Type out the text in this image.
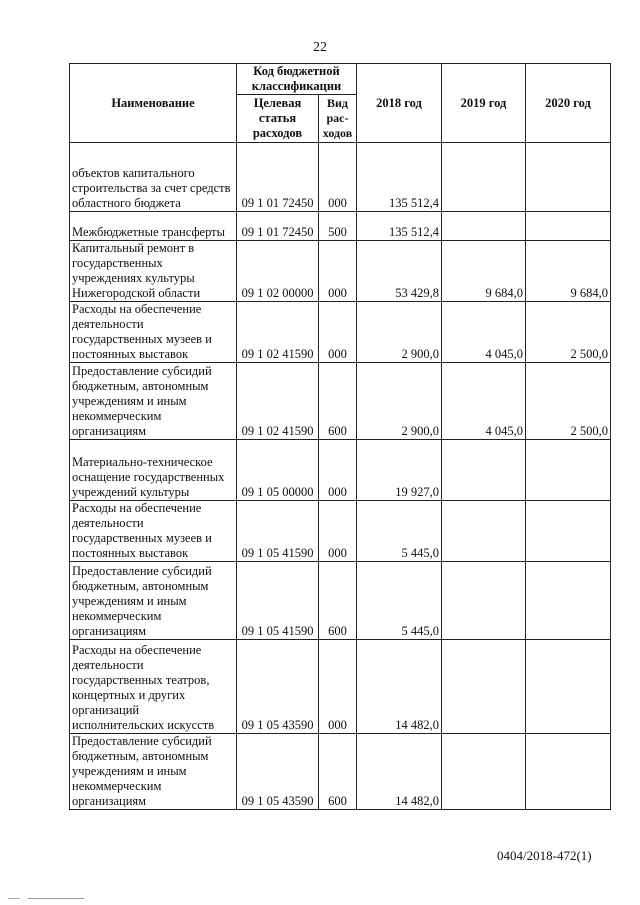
22
Наименование	Код бюджетной классификации		2018 год	2019 год	2020 год
	Целевая статья расходов	Вид рас-ходов			
объектов капитального строительства за счет средств областного бюджета	09 1 01 72450	000	135 512,4		
Межбюджетные трансферты	09 1 01 72450	500	135 512,4		
Капитальный ремонт в государственных учреждениях культуры Нижегородской области	09 1 02 00000	000	53 429,8	9 684,0	9 684,0
Расходы на обеспечение деятельности государственных музеев и постоянных выставок	09 1 02 41590	000	2 900,0	4 045,0	2 500,0
Предоставление субсидий бюджетным, автономным учреждениям и иным некоммерческим организациям	09 1 02 41590	600	2 900,0	4 045,0	2 500,0
Материально-техническое оснащение государственных учреждений культуры	09 1 05 00000	000	19 927,0		
Расходы на обеспечение деятельности государственных музеев и постоянных выставок	09 1 05 41590	000	5 445,0		
Предоставление субсидий бюджетным, автономным учреждениям и иным некоммерческим организациям	09 1 05 41590	600	5 445,0		
Расходы на обеспечение деятельности государственных театров, концертных и других организаций исполнительских искусств	09 1 05 43590	000	14 482,0		
Предоставление субсидий бюджетным, автономным учреждениям и иным некоммерческим организациям	09 1 05 43590	600	14 482,0		
0404/2018-472(1)
